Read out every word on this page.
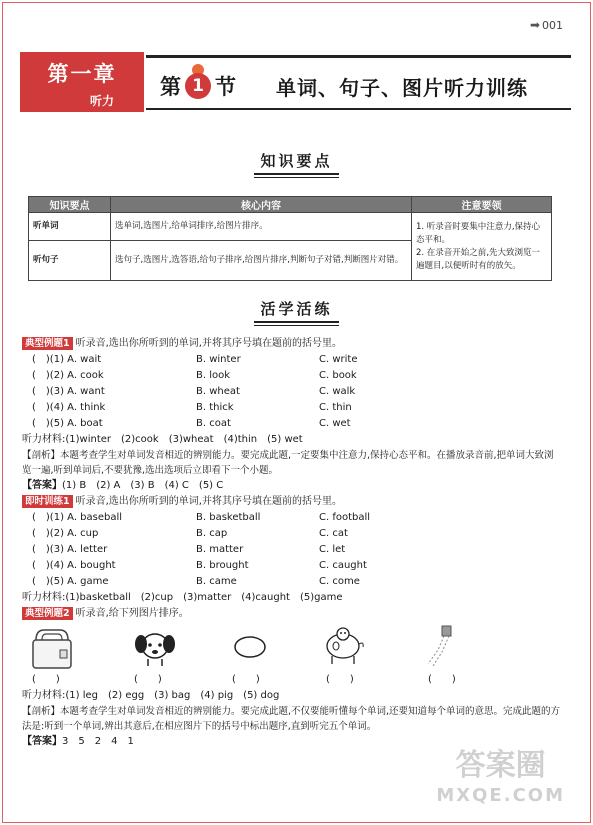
➡ 001
第一章
听力
第 1 节 单词、句子、图片听力训练
知识要点
知识要点	核心内容	注意要领
听单词	选单词,选图片,给单词排序,给图片排序。	1. 听录音时要集中注意力,保持心态平和。
2. 在录音开始之前,先大致浏览一遍题目,以便听时有的放矢。

听句子	选句子,选图片,选答语,给句子排序,给图片排序,判断句子对错,判断图片对错。	
活学活练
典型例题1 听录音,选出你所听到的单词,并将其序号填在题前的括号里。
(　)(1) A. wait	B. winter	C. write
(　)(2) A. cook	B. look	C. book
(　)(3) A. want	B. wheat	C. walk
(　)(4) A. think	B. thick	C. thin
(　)(5) A. boat	B. coat	C. wet
听力材料:(1)winter　(2)cook　(3)wheat　(4)thin　(5) wet
【剖析】本题考查学生对单词发音相近的辨别能力。要完成此题,一定要集中注意力,保持心态平和。在播放录音前,把单词大致浏览一遍,听到单词后,不要犹豫,选出选项后立即看下一个小题。
【答案】(1) B　(2) A　(3) B　(4) C　(5) C
即时训练1 听录音,选出你所听到的单词,并将其序号填在题前的括号里。
(　)(1) A. baseball	B. basketball	C. football
(　)(2) A. cup	B. cap	C. cat
(　)(3) A. letter	B. matter	C. let
(　)(4) A. bought	B. brought	C. caught
(　)(5) A. game	B. came	C. come
听力材料:(1)basketball　(2)cup　(3)matter　(4)caught　(5)game
典型例题2 听录音,给下列图片排序。
(　　)	(　　)	(　　)	(　　)	(　　)
听力材料:(1) leg　(2) egg　(3) bag　(4) pig　(5) dog
【剖析】本题考查学生对单词发音相近的辨别能力。要完成此题,不仅要能听懂每个单词,还要知道每个单词的意思。完成此题的方法是:听到一个单词,辨出其意后,在相应图片下的括号中标出题序,直到听完五个单词。
【答案】3　5　2　4　1
答案圈
MXQE.COM
